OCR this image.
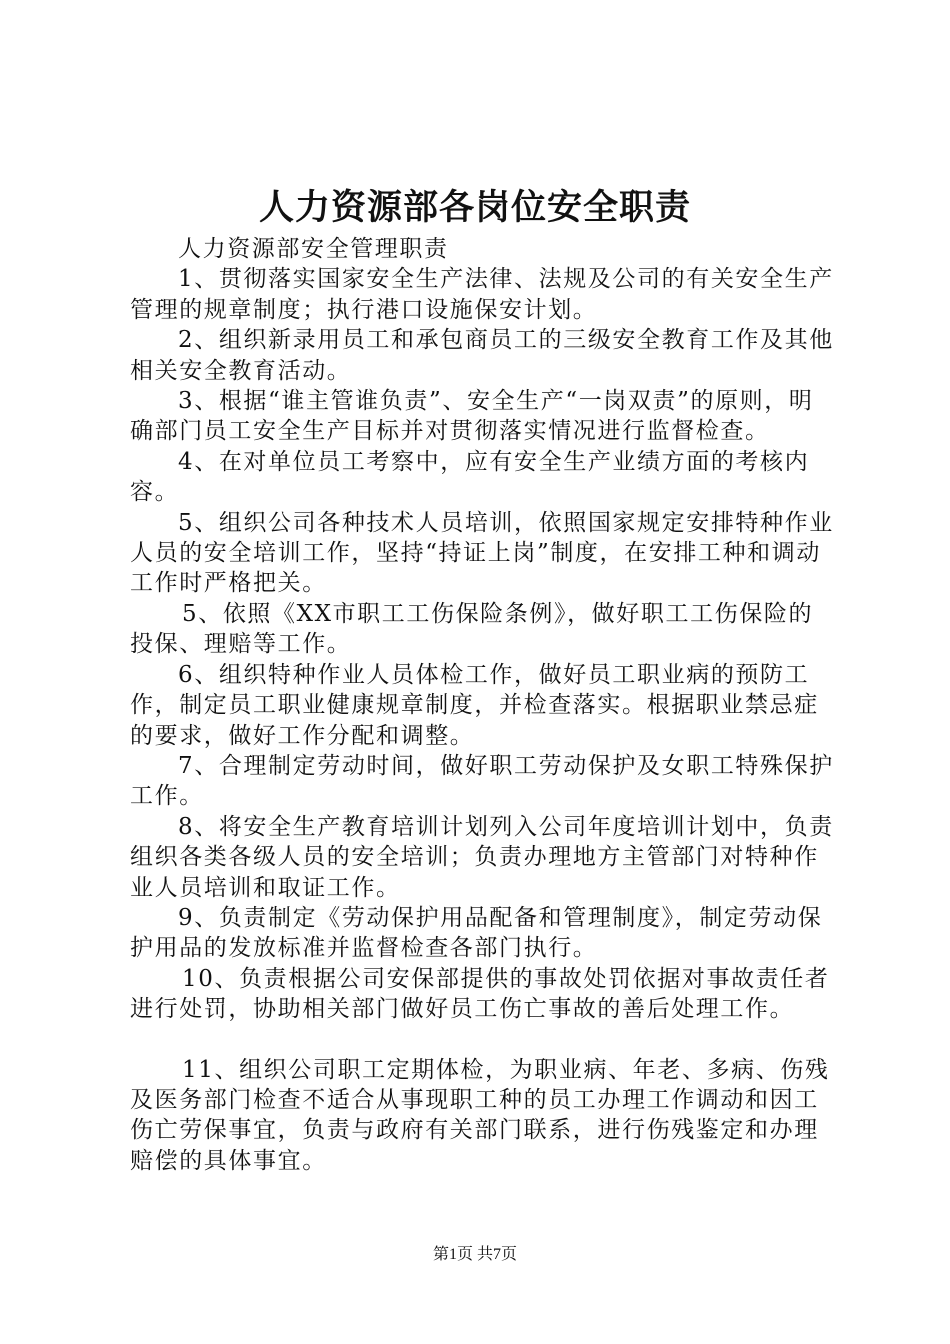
人力资源部各岗位安全职责

人力资源部安全管理职责

1、贯彻落实国家安全生产法律、法规及公司的有关安全生产管理的规章制度；执行港口设施保安计划。

2、组织新录用员工和承包商员工的三级安全教育工作及其他相关安全教育活动。

3、根据“谁主管谁负责”、安全生产“一岗双责”的原则，明确部门员工安全生产目标并对贯彻落实情况进行监督检查。

4、在对单位员工考察中，应有安全生产业绩方面的考核内容。

5、组织公司各种技术人员培训，依照国家规定安排特种作业人员的安全培训工作，坚持“持证上岗”制度，在安排工种和调动工作时严格把关。

5、依照《XX市职工工伤保险条例》，做好职工工伤保险的投保、理赔等工作。

6、组织特种作业人员体检工作，做好员工职业病的预防工作，制定员工职业健康规章制度，并检查落实。根据职业禁忌症的要求，做好工作分配和调整。

7、合理制定劳动时间，做好职工劳动保护及女职工特殊保护工作。

8、将安全生产教育培训计划列入公司年度培训计划中，负责组织各类各级人员的安全培训；负责办理地方主管部门对特种作业人员培训和取证工作。

9、负责制定《劳动保护用品配备和管理制度》，制定劳动保护用品的发放标准并监督检查各部门执行。

10、负责根据公司安保部提供的事故处罚依据对事故责任者进行处罚，协助相关部门做好员工伤亡事故的善后处理工作。

11、组织公司职工定期体检，为职业病、年老、多病、伤残及医务部门检查不适合从事现职工种的员工办理工作调动和因工伤亡劳保事宜，负责与政府有关部门联系，进行伤残鉴定和办理赔偿的具体事宜。

第1页 共7页
